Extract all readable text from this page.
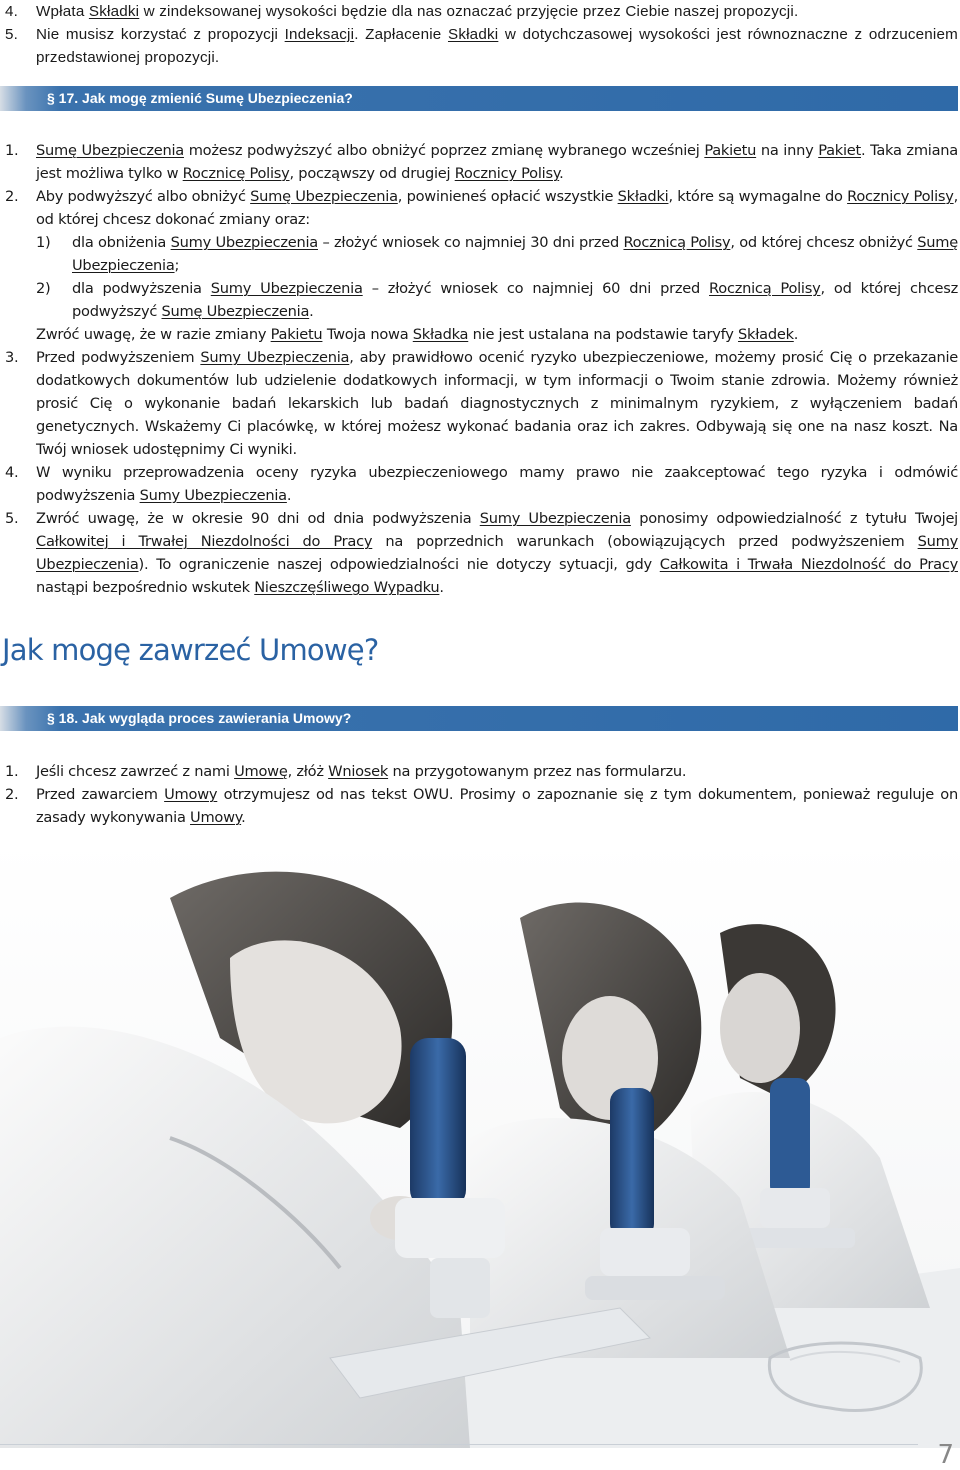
4. Wpłata Składki w zindeksowanej wysokości będzie dla nas oznaczać przyjęcie przez Ciebie naszej propozycji.
5. Nie musisz korzystać z propozycji Indeksacji. Zapłacenie Składki w dotychczasowej wysokości jest równoznaczne z odrzuceniem przedstawionej propozycji.
§ 17. Jak mogę zmienić Sumę Ubezpieczenia?
1. Sumę Ubezpieczenia możesz podwyższyć albo obniżyć poprzez zmianę wybranego wcześniej Pakietu na inny Pakiet. Taka zmiana jest możliwa tylko w Rocznicę Polisy, począwszy od drugiej Rocznicy Polisy.
2. Aby podwyższyć albo obniżyć Sumę Ubezpieczenia, powinieneś opłacić wszystkie Składki, które są wymagalne do Rocznicy Polisy, od której chcesz dokonać zmiany oraz:
1) dla obniżenia Sumy Ubezpieczenia – złożyć wniosek co najmniej 30 dni przed Rocznicą Polisy, od której chcesz obniżyć Sumę Ubezpieczenia;
2) dla podwyższenia Sumy Ubezpieczenia – złożyć wniosek co najmniej 60 dni przed Rocznicą Polisy, od której chcesz podwyższyć Sumę Ubezpieczenia.
Zwróć uwagę, że w razie zmiany Pakietu Twoja nowa Składka nie jest ustalana na podstawie taryfy Składek.
3. Przed podwyższeniem Sumy Ubezpieczenia, aby prawidłowo ocenić ryzyko ubezpieczeniowe, możemy prosić Cię o przekazanie dodatkowych dokumentów lub udzielenie dodatkowych informacji, w tym informacji o Twoim stanie zdrowia. Możemy również prosić Cię o wykonanie badań lekarskich lub badań diagnostycznych z minimalnym ryzykiem, z wyłączeniem badań genetycznych. Wskażemy Ci placówkę, w której możesz wykonać badania oraz ich zakres. Odbywają się one na nasz koszt. Na Twój wniosek udostępnimy Ci wyniki.
4. W wyniku przeprowadzenia oceny ryzyka ubezpieczeniowego mamy prawo nie zaakceptować tego ryzyka i odmówić podwyższenia Sumy Ubezpieczenia.
5. Zwróć uwagę, że w okresie 90 dni od dnia podwyższenia Sumy Ubezpieczenia ponosimy odpowiedzialność z tytułu Twojej Całkowitej i Trwałej Niezdolności do Pracy na poprzednich warunkach (obowiązujących przed podwyższeniem Sumy Ubezpieczenia). To ograniczenie naszej odpowiedzialności nie dotyczy sytuacji, gdy Całkowita i Trwała Niezdolność do Pracy nastąpi bezpośrednio wskutek Nieszczęśliwego Wypadku.
Jak mogę zawrzeć Umowę?
§ 18. Jak wygląda proces zawierania Umowy?
1. Jeśli chcesz zawrzeć z nami Umowę, złóż Wniosek na przygotowanym przez nas formularzu.
2. Przed zawarciem Umowy otrzymujesz od nas tekst OWU. Prosimy o zapoznanie się z tym dokumentem, ponieważ reguluje on zasady wykonywania Umowy.
7
